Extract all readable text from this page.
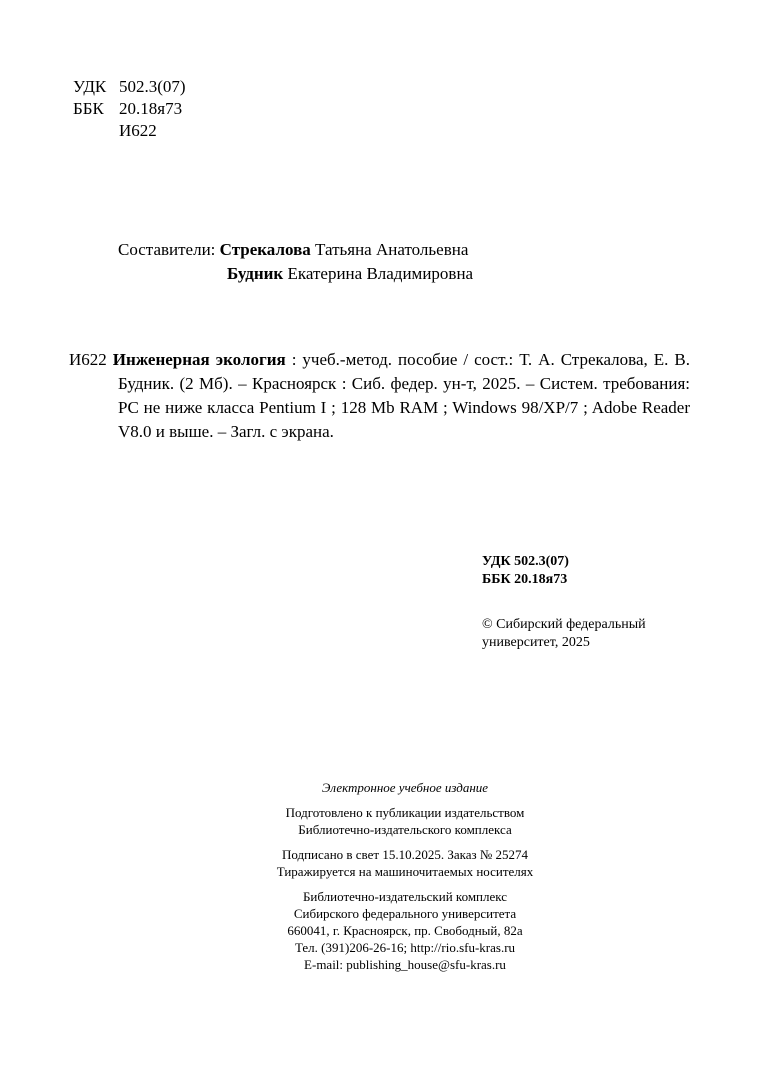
УДК 502.3(07)
ББК 20.18я73
И622
Составители: Стрекалова Татьяна Анатольевна
Будник Екатерина Владимировна
И622 Инженерная экология : учеб.-метод. пособие / сост.: Т. А. Стрекалова, Е. В. Будник. (2 Мб). – Красноярск : Сиб. федер. ун-т, 2025. – Систем. требования: PC не ниже класса Pentium I ; 128 Mb RAM ; Windows 98/XP/7 ; Adobe Reader V8.0 и выше. – Загл. с экрана.
УДК 502.3(07)
ББК 20.18я73
© Сибирский федеральный
университет, 2025
Электронное учебное издание
Подготовлено к публикации издательством
Библиотечно-издательского комплекса
Подписано в свет 15.10.2025. Заказ № 25274
Тиражируется на машиночитаемых носителях
Библиотечно-издательский комплекс
Сибирского федерального университета
660041, г. Красноярск, пр. Свободный, 82а
Тел. (391)206-26-16; http://rio.sfu-kras.ru
E-mail: publishing_house@sfu-kras.ru
